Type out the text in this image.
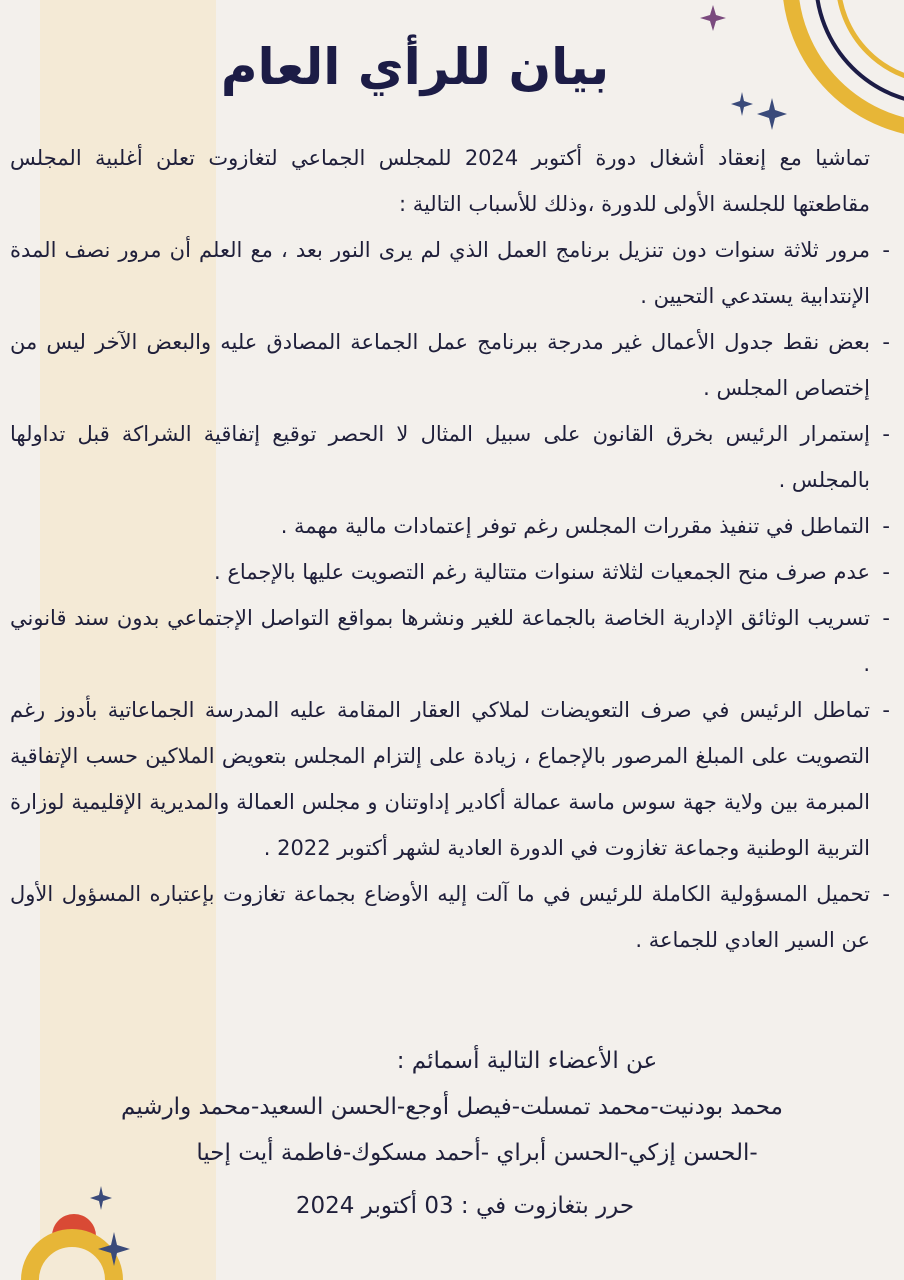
بيان للرأي العام

تماشيا مع إنعقاد أشغال دورة أكتوبر 2024 للمجلس الجماعي لتغازوت تعلن أغلبية المجلس مقاطعتها للجلسة الأولى للدورة ،وذلك للأسباب التالية :

-
مرور ثلاثة سنوات دون تنزيل برنامج العمل الذي لم يرى النور بعد ، مع العلم أن مرور نصف المدة الإنتدابية يستدعي التحيين .
-
بعض نقط جدول الأعمال غير مدرجة ببرنامج عمل الجماعة المصادق عليه والبعض الآخر ليس من إختصاص المجلس .
-
إستمرار الرئيس بخرق القانون على سبيل المثال لا الحصر توقيع إتفاقية الشراكة قبل تداولها بالمجلس .
-
التماطل في تنفيذ مقررات المجلس رغم توفر إعتمادات مالية مهمة .
-
عدم صرف منح الجمعيات لثلاثة سنوات متتالية رغم التصويت عليها بالإجماع .
-
تسريب الوثائق الإدارية الخاصة بالجماعة للغير ونشرها بمواقع التواصل الإجتماعي بدون سند قانوني .
-
تماطل الرئيس في صرف التعويضات لملاكي العقار المقامة عليه المدرسة الجماعاتية بأدوز رغم التصويت على المبلغ المرصور بالإجماع ، زيادة على إلتزام المجلس بتعويض الملاكين حسب الإتفاقية المبرمة بين ولاية جهة سوس ماسة عمالة أكادير إداوتنان و مجلس العمالة والمديرية الإقليمية لوزارة التربية الوطنية وجماعة تغازوت في الدورة العادية لشهر أكتوبر 2022 .
-
تحميل المسؤولية الكاملة للرئيس في ما آلت إليه الأوضاع بجماعة تغازوت بإعتباره المسؤول الأول عن السير العادي للجماعة .
عن الأعضاء التالية أسمائم :
محمد بودنيت-محمد تمسلت-فيصل أوجع-الحسن السعيد-محمد وارشيم
-الحسن إزكي-الحسن أبراي -أحمد مسكوك-فاطمة أيت إحيا
حرر بتغازوت في : 03 أكتوبر 2024
